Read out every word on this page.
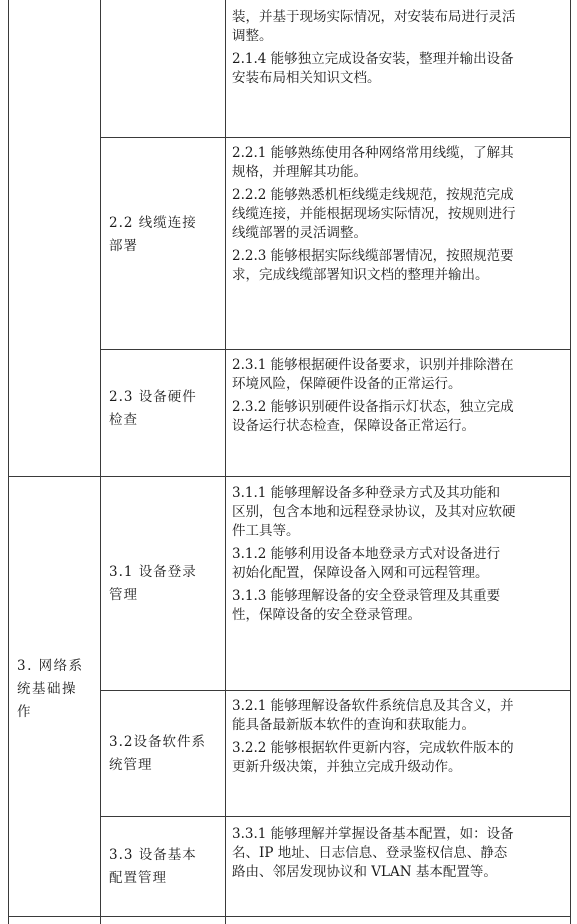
装，并基于现场实际情况，对安装布局进行灵活

调整。

2.1.4 能够独立完成设备安装，整理并输出设备

安装布局相关知识文档。

2.2 线缆连接

部署

2.2.1 能够熟练使用各种网络常用线缆，了解其

规格，并理解其功能。

2.2.2 能够熟悉机柜线缆走线规范，按规范完成

线缆连接，并能根据现场实际情况，按规则进行

线缆部署的灵活调整。

2.2.3 能够根据实际线缆部署情况，按照规范要

求，完成线缆部署知识文档的整理并输出。

2.3 设备硬件

检查

2.3.1 能够根据硬件设备要求，识别并排除潜在

环境风险，保障硬件设备的正常运行。

2.3.2 能够识别硬件设备指示灯状态，独立完成

设备运行状态检查，保障设备正常运行。

3. 网络系

统基础操

作

3.1 设备登录

管理

3.1.1 能够理解设备多种登录方式及其功能和

区别，包含本地和远程登录协议，及其对应软硬

件工具等。

3.1.2 能够利用设备本地登录方式对设备进行

初始化配置，保障设备入网和可远程管理。

3.1.3 能够理解设备的安全登录管理及其重要

性，保障设备的安全登录管理。

3.2设备软件系

统管理

3.2.1 能够理解设备软件系统信息及其含义，并

能具备最新版本软件的查询和获取能力。

3.2.2 能够根据软件更新内容，完成软件版本的

更新升级决策，并独立完成升级动作。

3.3 设备基本

配置管理

3.3.1 能够理解并掌握设备基本配置，如：设备

名、IP 地址、日志信息、登录鉴权信息、静态

路由、邻居发现协议和 VLAN 基本配置等。
